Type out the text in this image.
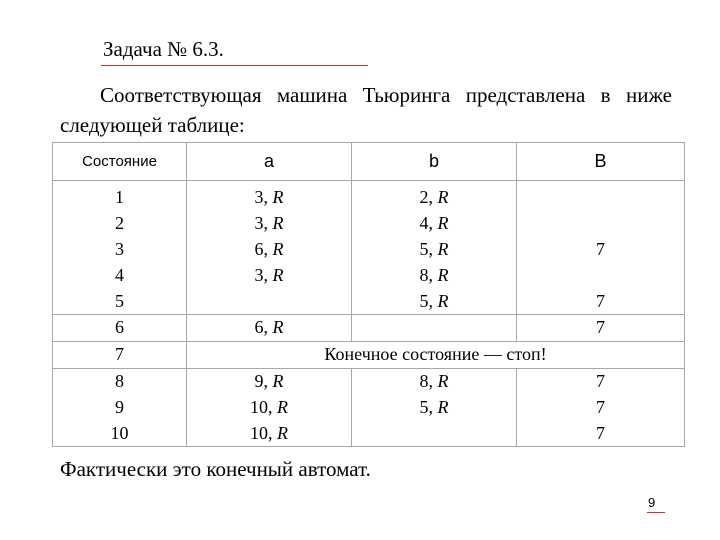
Задача № 6.3.
Соответствующая машина Тьюринга представлена в ниже следующей таблице:
Состояние	a	b	B
1	3, R	2, R	
2	3, R	4, R	
3	6, R	5, R	7
4	3, R	8, R	
5		5, R	7
6	6, R		7
7	Конечное состояние — стоп!		
8	9, R	8, R	7
9	10, R	5, R	7
10	10, R		7
Фактически это конечный автомат.
9
